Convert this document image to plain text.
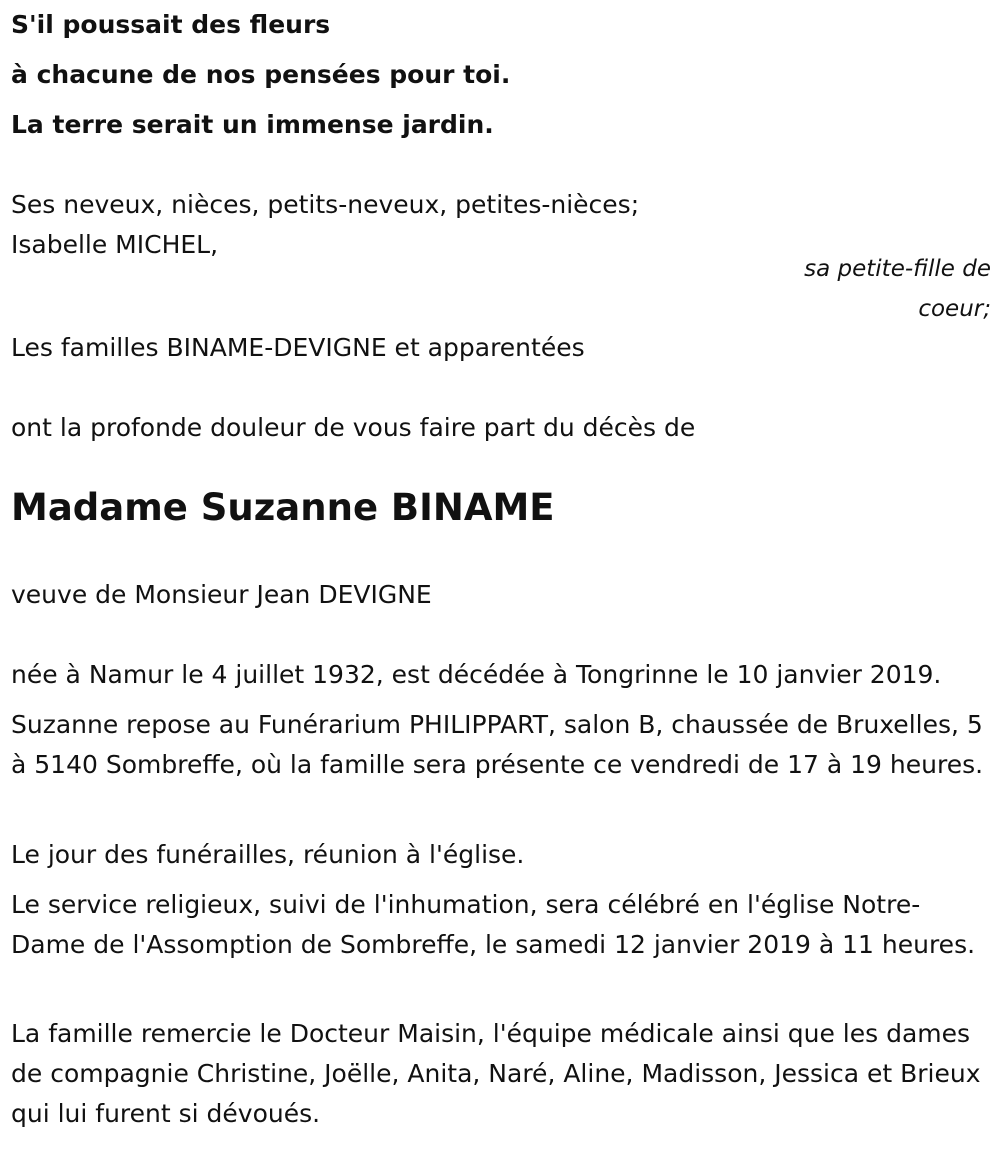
S'il poussait des fleurs
à chacune de nos pensées pour toi.
La terre serait un immense jardin.
Ses neveux, nièces, petits-neveux, petites-nièces;
Isabelle MICHEL,
sa petite-fille de coeur;
Les familles BINAME-DEVIGNE et apparentées
ont la profonde douleur de vous faire part du décès de
Madame Suzanne BINAME
veuve de Monsieur Jean DEVIGNE
née à Namur le 4 juillet 1932, est décédée à Tongrinne le 10 janvier 2019.
Suzanne repose au Funérarium PHILIPPART, salon B, chaussée de Bruxelles, 5 à 5140 Sombreffe, où la famille sera présente ce vendredi de 17 à 19 heures.
Le jour des funérailles, réunion à l'église.
Le service religieux, suivi de l'inhumation, sera célébré en l'église Notre-Dame de l'Assomption de Sombreffe, le samedi 12 janvier 2019 à 11 heures.
La famille remercie le Docteur Maisin, l'équipe médicale ainsi que les dames de compagnie Christine, Joëlle, Anita, Naré, Aline, Madisson, Jessica et Brieux qui lui furent si dévoués.
